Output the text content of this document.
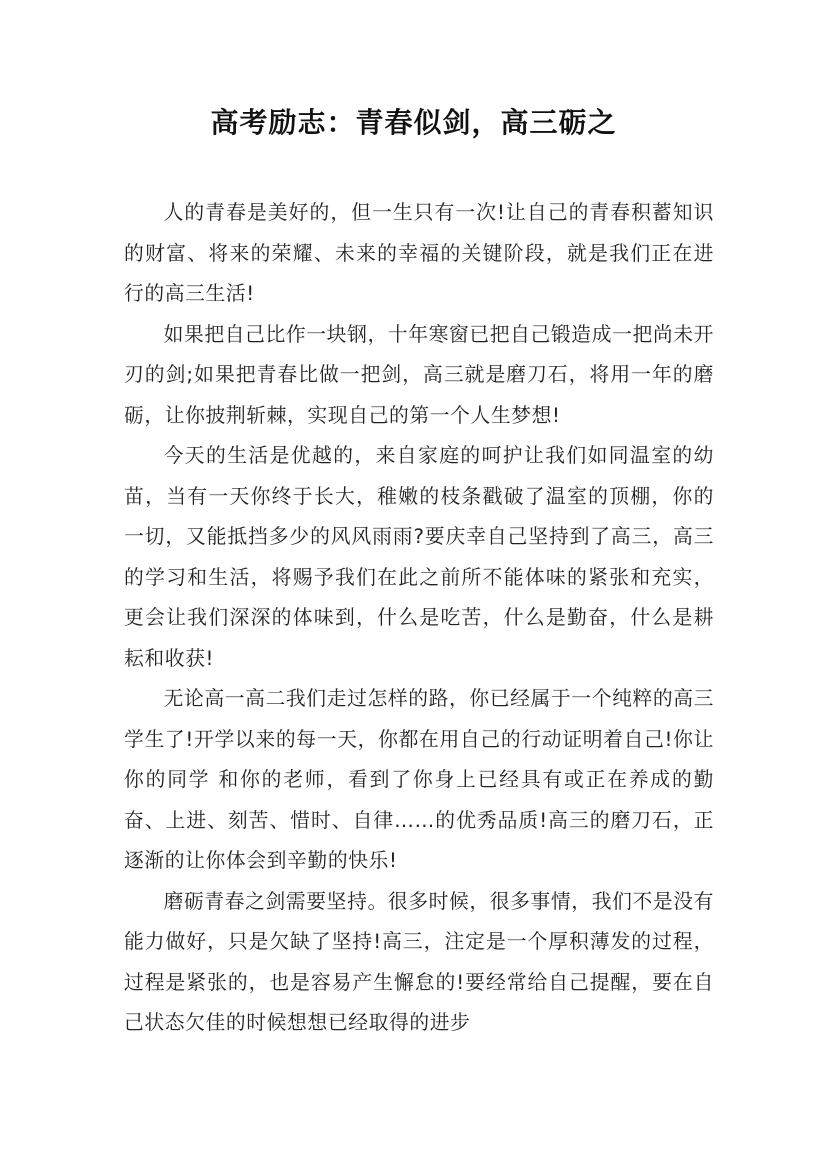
高考励志：青春似剑，高三砺之

人的青春是美好的，但一生只有一次!让自己的青春积蓄知识的财富、将来的荣耀、未来的幸福的关键阶段，就是我们正在进行的高三生活!

如果把自己比作一块钢，十年寒窗已把自己锻造成一把尚未开刃的剑;如果把青春比做一把剑，高三就是磨刀石，将用一年的磨砺，让你披荆斩棘，实现自己的第一个人生梦想!

今天的生活是优越的，来自家庭的呵护让我们如同温室的幼苗，当有一天你终于长大，稚嫩的枝条戳破了温室的顶棚，你的一切，又能抵挡多少的风风雨雨?要庆幸自己坚持到了高三，高三的学习和生活，将赐予我们在此之前所不能体味的紧张和充实，更会让我们深深的体味到，什么是吃苦，什么是勤奋，什么是耕耘和收获!

无论高一高二我们走过怎样的路，你已经属于一个纯粹的高三学生了!开学以来的每一天，你都在用自己的行动证明着自己!你让你的同学 和你的老师，看到了你身上已经具有或正在养成的勤奋、上进、刻苦、惜时、自律……的优秀品质!高三的磨刀石，正逐渐的让你体会到辛勤的快乐!

磨砺青春之剑需要坚持。很多时候，很多事情，我们不是没有能力做好，只是欠缺了坚持!高三，注定是一个厚积薄发的过程，过程是紧张的，也是容易产生懈怠的!要经常给自己提醒，要在自己状态欠佳的时候想想已经取得的进步
